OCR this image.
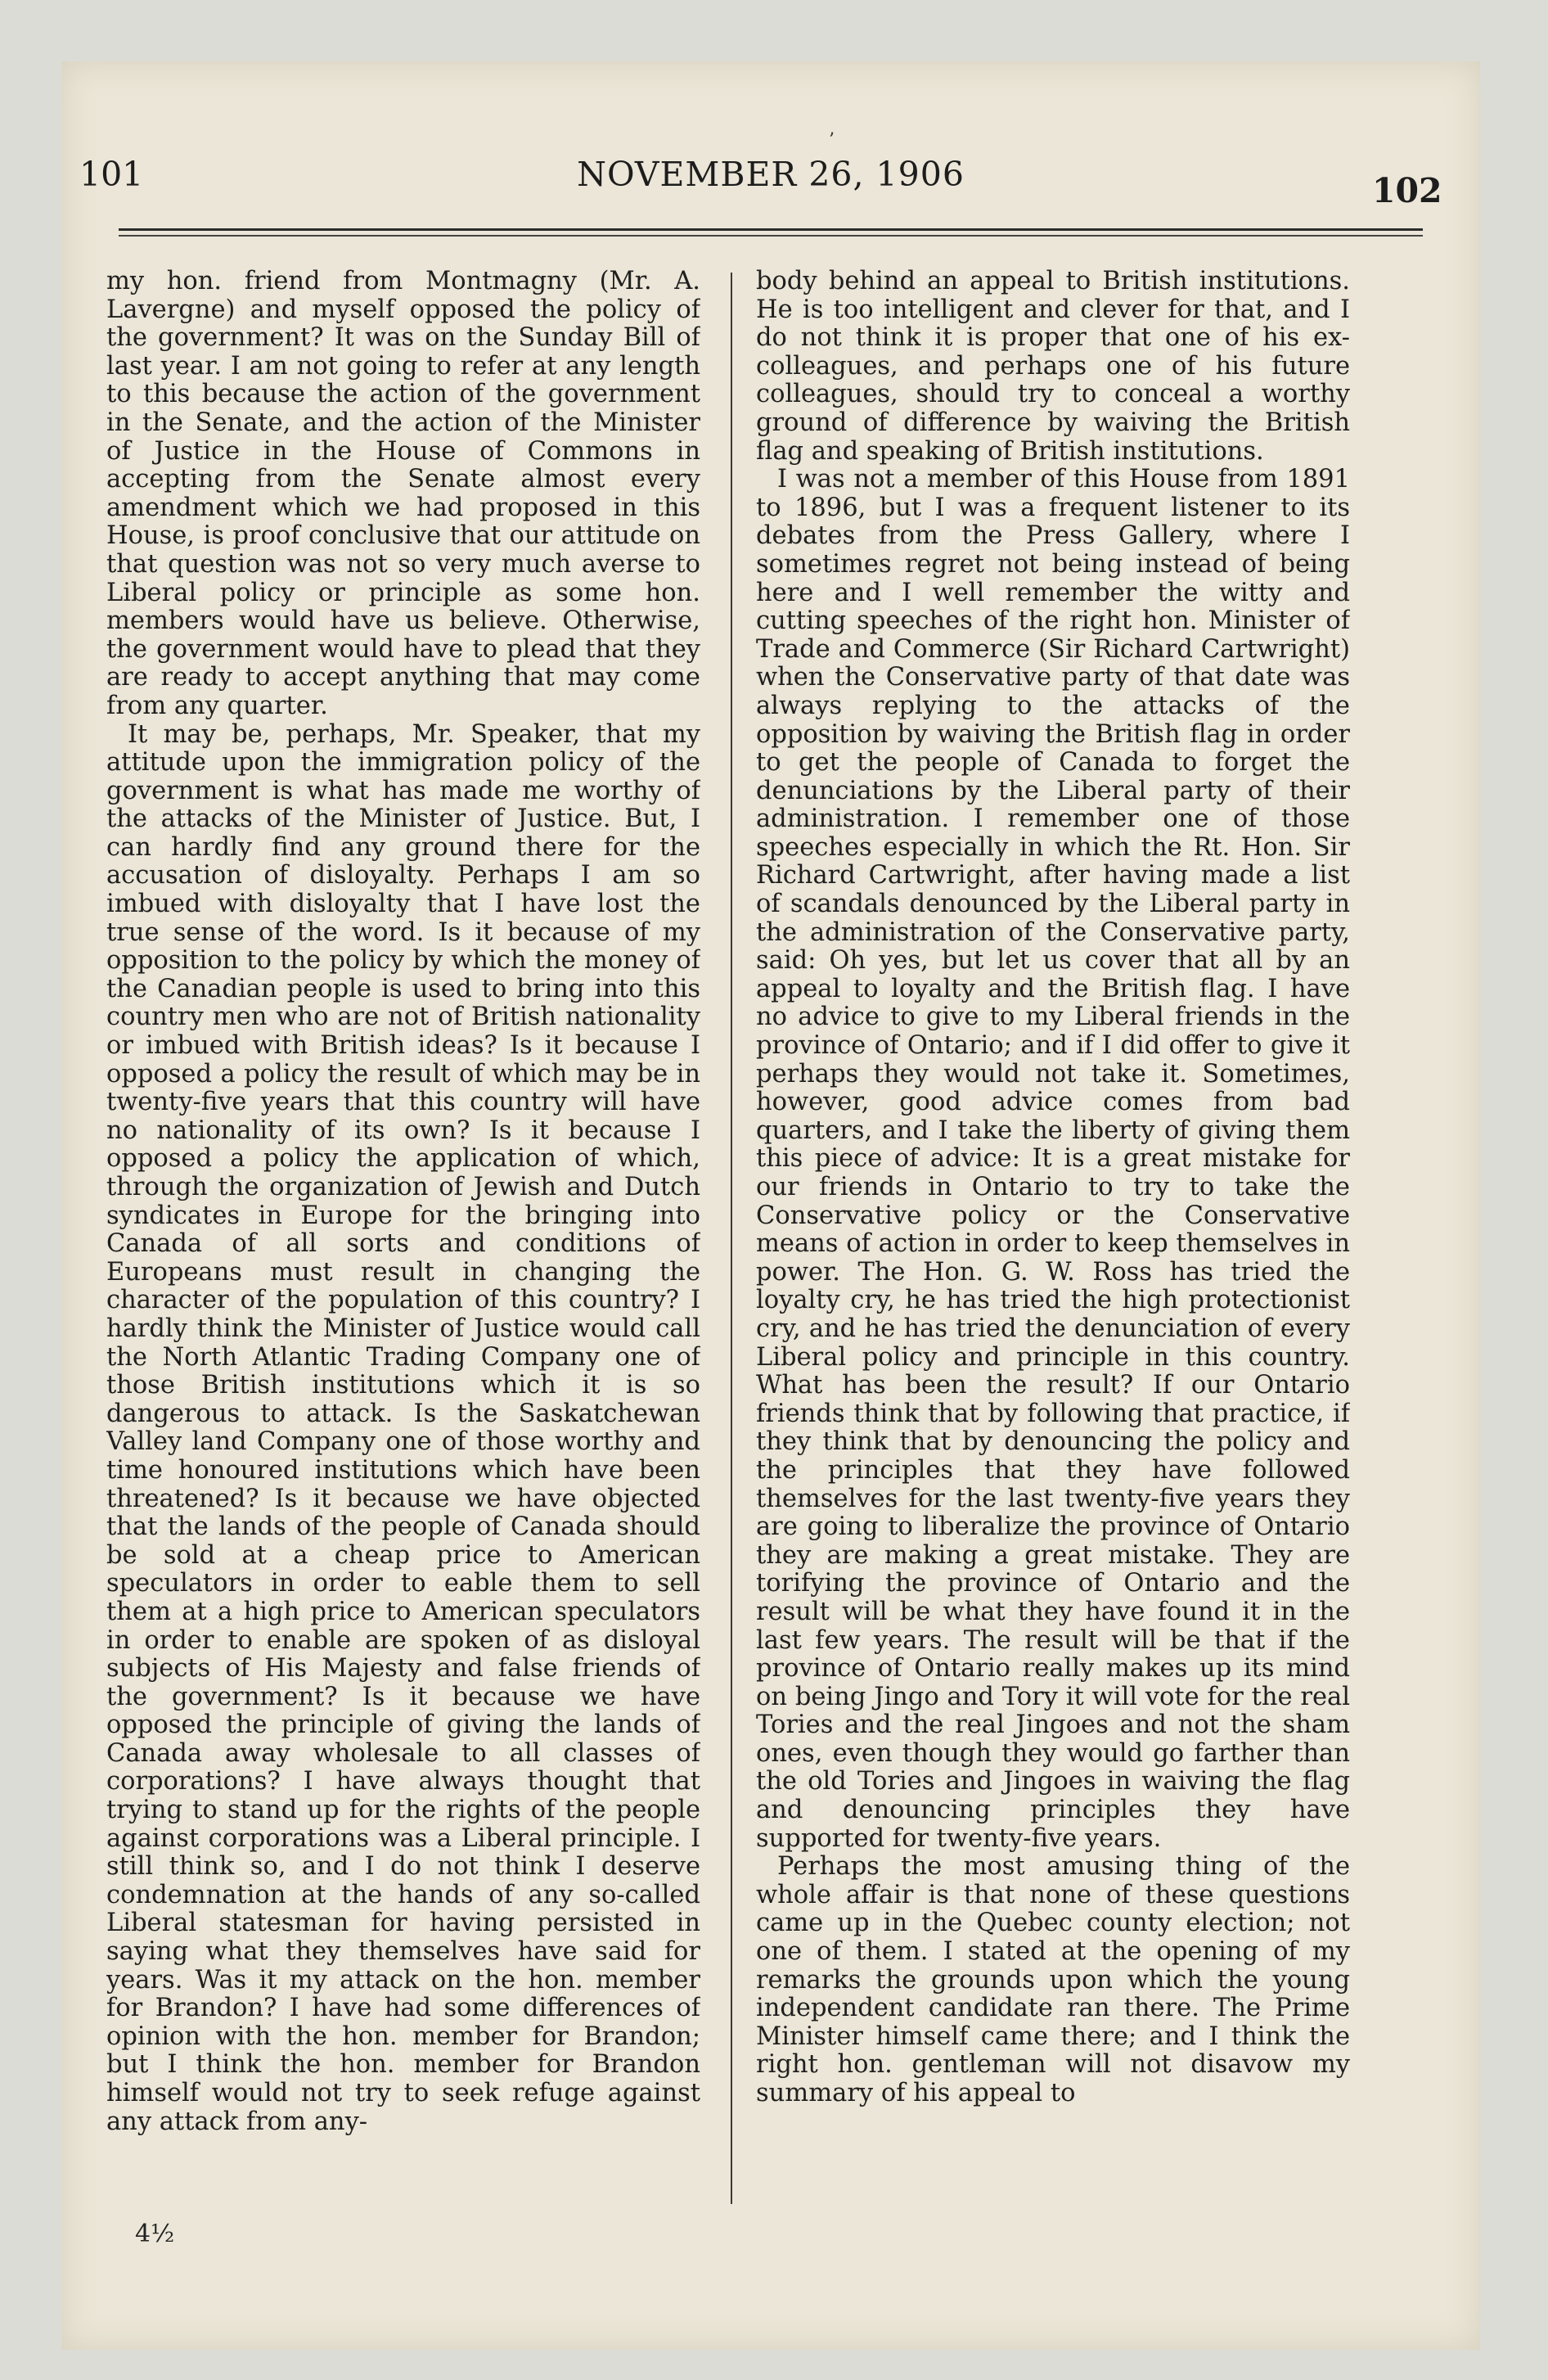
’
101	NOVEMBER 26, 1906	102

my hon. friend from Montmagny (Mr. A. Lavergne) and myself opposed the policy of the government? It was on the Sunday Bill of last year. I am not going to refer at any length to this because the action of the government in the Senate, and the action of the Minister of Justice in the House of Commons in accepting from the Senate almost every amendment which we had proposed in this House, is proof conclusive that our attitude on that question was not so very much averse to Liberal policy or principle as some hon. members would have us believe. Otherwise, the government would have to plead that they are ready to accept anything that may come from any quarter.

It may be, perhaps, Mr. Speaker, that my attitude upon the immigration policy of the government is what has made me worthy of the attacks of the Minister of Justice. But, I can hardly find any ground there for the accusation of disloyalty. Perhaps I am so imbued with disloyalty that I have lost the true sense of the word. Is it because of my opposition to the policy by which the money of the Canadian people is used to bring into this country men who are not of British nationality or imbued with British ideas? Is it because I opposed a policy the result of which may be in twenty-five years that this country will have no nationality of its own? Is it because I opposed a policy the application of which, through the organization of Jewish and Dutch syndicates in Europe for the bringing into Canada of all sorts and conditions of Europeans must result in changing the character of the population of this country? I hardly think the Minister of Justice would call the North Atlantic Trading Company one of those British institutions which it is so dangerous to attack. Is the Saskatchewan Valley land Company one of those worthy and time honoured institutions which have been threatened? Is it because we have objected that the lands of the people of Canada should be sold at a cheap price to American speculators in order to eable them to sell them at a high price to American speculators in order to enable are spoken of as disloyal subjects of His Majesty and false friends of the government? Is it because we have opposed the principle of giving the lands of Canada away wholesale to all classes of corporations? I have always thought that trying to stand up for the rights of the people against corporations was a Liberal principle. I still think so, and I do not think I deserve condemnation at the hands of any so-called Liberal statesman for having persisted in saying what they themselves have said for years. Was it my attack on the hon. member for Brandon? I have had some differences of opinion with the hon. member for Brandon; but I think the hon. member for Brandon himself would not try to seek refuge against any attack from any-

body behind an appeal to British institutions. He is too intelligent and clever for that, and I do not think it is proper that one of his ex-colleagues, and perhaps one of his future colleagues, should try to conceal a worthy ground of difference by waiving the British flag and speaking of British institutions.

I was not a member of this House from 1891 to 1896, but I was a frequent listener to its debates from the Press Gallery, where I sometimes regret not being instead of being here and I well remember the witty and cutting speeches of the right hon. Minister of Trade and Commerce (Sir Richard Cartwright) when the Conservative party of that date was always replying to the attacks of the opposition by waiving the British flag in order to get the people of Canada to forget the denunciations by the Liberal party of their administration. I remember one of those speeches especially in which the Rt. Hon. Sir Richard Cartwright, after having made a list of scandals denounced by the Liberal party in the administration of the Conservative party, said: Oh yes, but let us cover that all by an appeal to loyalty and the British flag. I have no advice to give to my Liberal friends in the province of Ontario; and if I did offer to give it perhaps they would not take it. Sometimes, however, good advice comes from bad quarters, and I take the liberty of giving them this piece of advice: It is a great mistake for our friends in Ontario to try to take the Conservative policy or the Conservative means of action in order to keep themselves in power. The Hon. G. W. Ross has tried the loyalty cry, he has tried the high protectionist cry, and he has tried the denunciation of every Liberal policy and principle in this country. What has been the result? If our Ontario friends think that by following that practice, if they think that by denouncing the policy and the principles that they have followed themselves for the last twenty-five years they are going to liberalize the province of Ontario they are making a great mistake. They are torifying the province of Ontario and the result will be what they have found it in the last few years. The result will be that if the province of Ontario really makes up its mind on being Jingo and Tory it will vote for the real Tories and the real Jingoes and not the sham ones, even though they would go farther than the old Tories and Jingoes in waiving the flag and denouncing principles they have supported for twenty-five years.

Perhaps the most amusing thing of the whole affair is that none of these questions came up in the Quebec county election; not one of them. I stated at the opening of my remarks the grounds upon which the young independent candidate ran there. The Prime Minister himself came there; and I think the right hon. gentleman will not disavow my summary of his appeal to

4½
